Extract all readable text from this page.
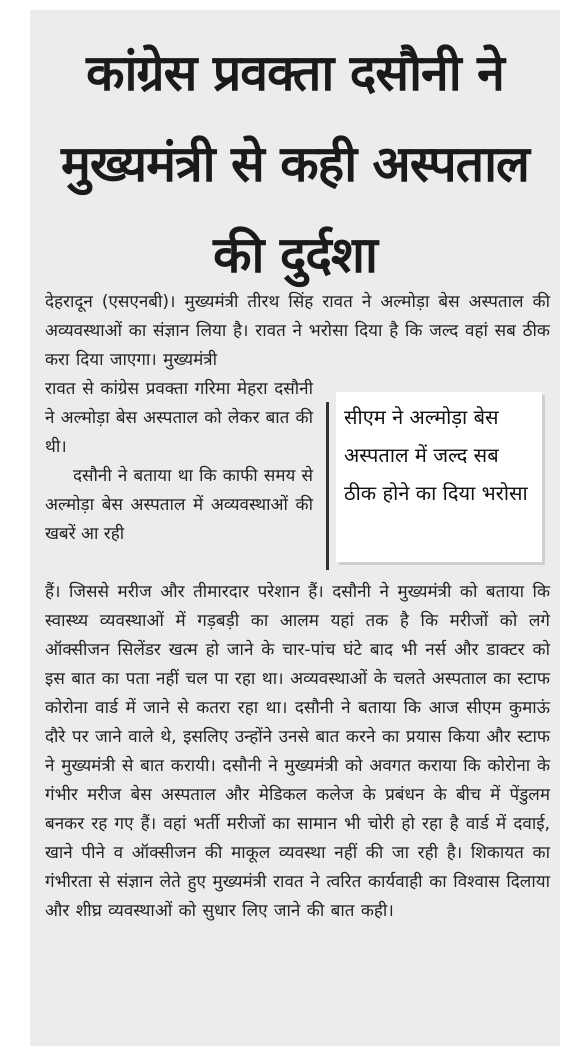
कांग्रेस प्रवक्ता दसौनी ने मुख्यमंत्री से कही अस्पताल की दुर्दशा

देहरादून (एसएनबी)। मुख्यमंत्री तीरथ सिंह रावत ने अल्मोड़ा बेस अस्पताल की अव्यवस्थाओं का संज्ञान लिया है। रावत ने भरोसा दिया है कि जल्द वहां सब ठीक करा दिया जाएगा। मुख्यमंत्री

रावत से कांग्रेस प्रवक्ता गरिमा मेहरा दसौनी ने अल्मोड़ा बेस अस्पताल को लेकर बात की थी।

दसौनी ने बताया था कि काफी समय से अल्मोड़ा बेस अस्पताल में अव्यवस्थाओं की खबरें आ रही

सीएम ने अल्मोड़ा बेस अस्पताल में जल्द सब ठीक होने का दिया भरोसा

हैं। जिससे मरीज और तीमारदार परेशान हैं। दसौनी ने मुख्यमंत्री को बताया कि स्वास्थ्य व्यवस्थाओं में गड़बड़ी का आलम यहां तक है कि मरीजों को लगे ऑक्सीजन सिलेंडर खत्म हो जाने के चार-पांच घंटे बाद भी नर्स और डाक्टर को इस बात का पता नहीं चल पा रहा था। अव्यवस्थाओं के चलते अस्पताल का स्टाफ कोरोना वार्ड में जाने से कतरा रहा था। दसौनी ने बताया कि आज सीएम कुमाऊं दौरे पर जाने वाले थे, इसलिए उन्होंने उनसे बात करने का प्रयास किया और स्टाफ ने मुख्यमंत्री से बात करायी। दसौनी ने मुख्यमंत्री को अवगत कराया कि कोरोना के गंभीर मरीज बेस अस्पताल और मेडिकल कलेज के प्रबंधन के बीच में पेंडुलम बनकर रह गए हैं। वहां भर्ती मरीजों का सामान भी चोरी हो रहा है वार्ड में दवाई, खाने पीने व ऑक्सीजन की माकूल व्यवस्था नहीं की जा रही है। शिकायत का गंभीरता से संज्ञान लेते हुए मुख्यमंत्री रावत ने त्वरित कार्यवाही का विश्वास दिलाया और शीघ्र व्यवस्थाओं को सुधार लिए जाने की बात कही।
